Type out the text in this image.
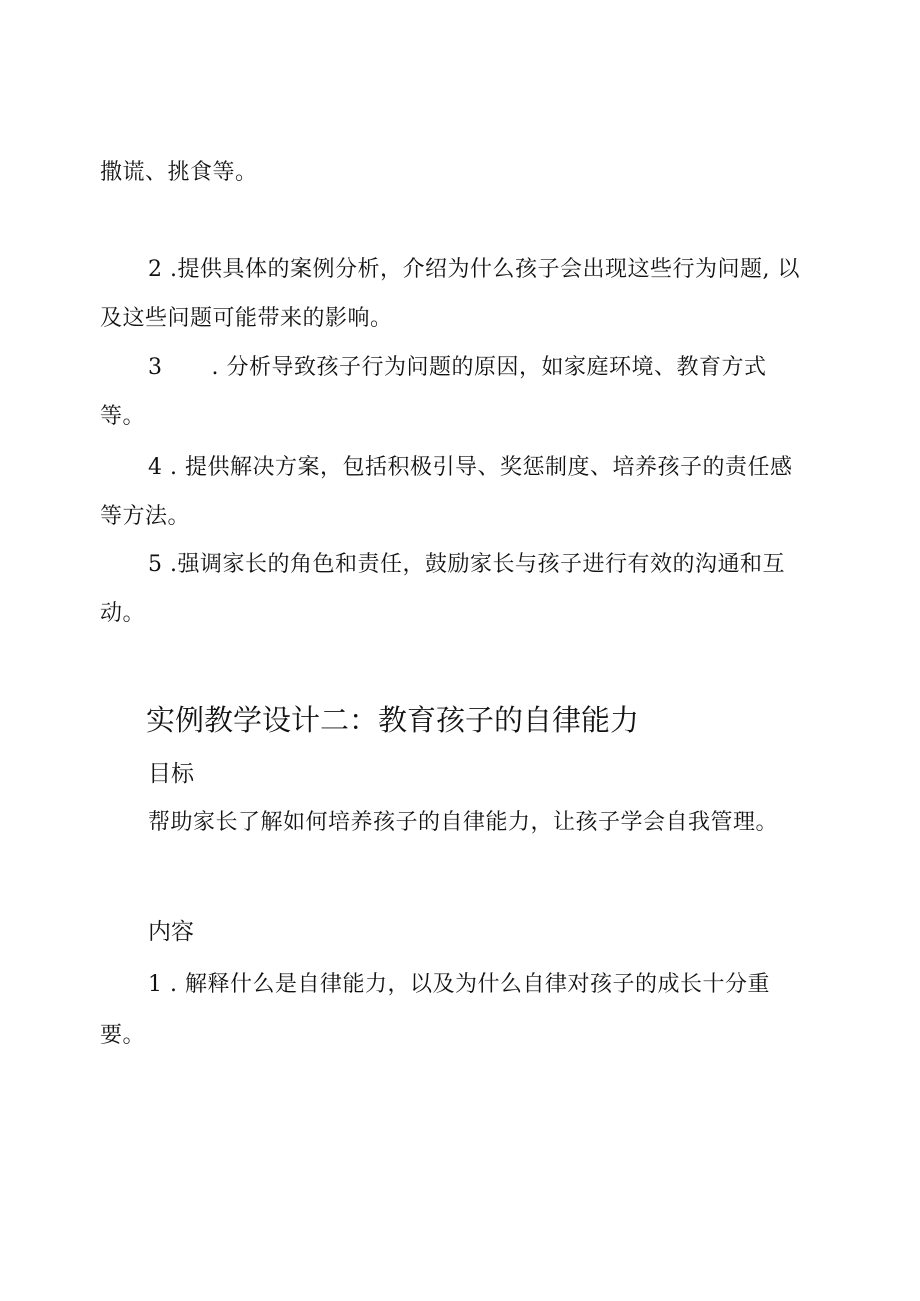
撒谎、挑食等。
2 .提供具体的案例分析，介绍为什么孩子会出现这些行为问题, 以
及这些问题可能带来的影响。
3 . 分析导致孩子行为问题的原因，如家庭环境、教育方式
等。
4 . 提供解决方案，包括积极引导、奖惩制度、培养孩子的责任感
等方法。
5 .强调家长的角色和责任，鼓励家长与孩子进行有效的沟通和互
动。
实例教学设计二：教育孩子的自律能力
目标
帮助家长了解如何培养孩子的自律能力，让孩子学会自我管理。
内容
1 . 解释什么是自律能力，以及为什么自律对孩子的成长十分重
要。
